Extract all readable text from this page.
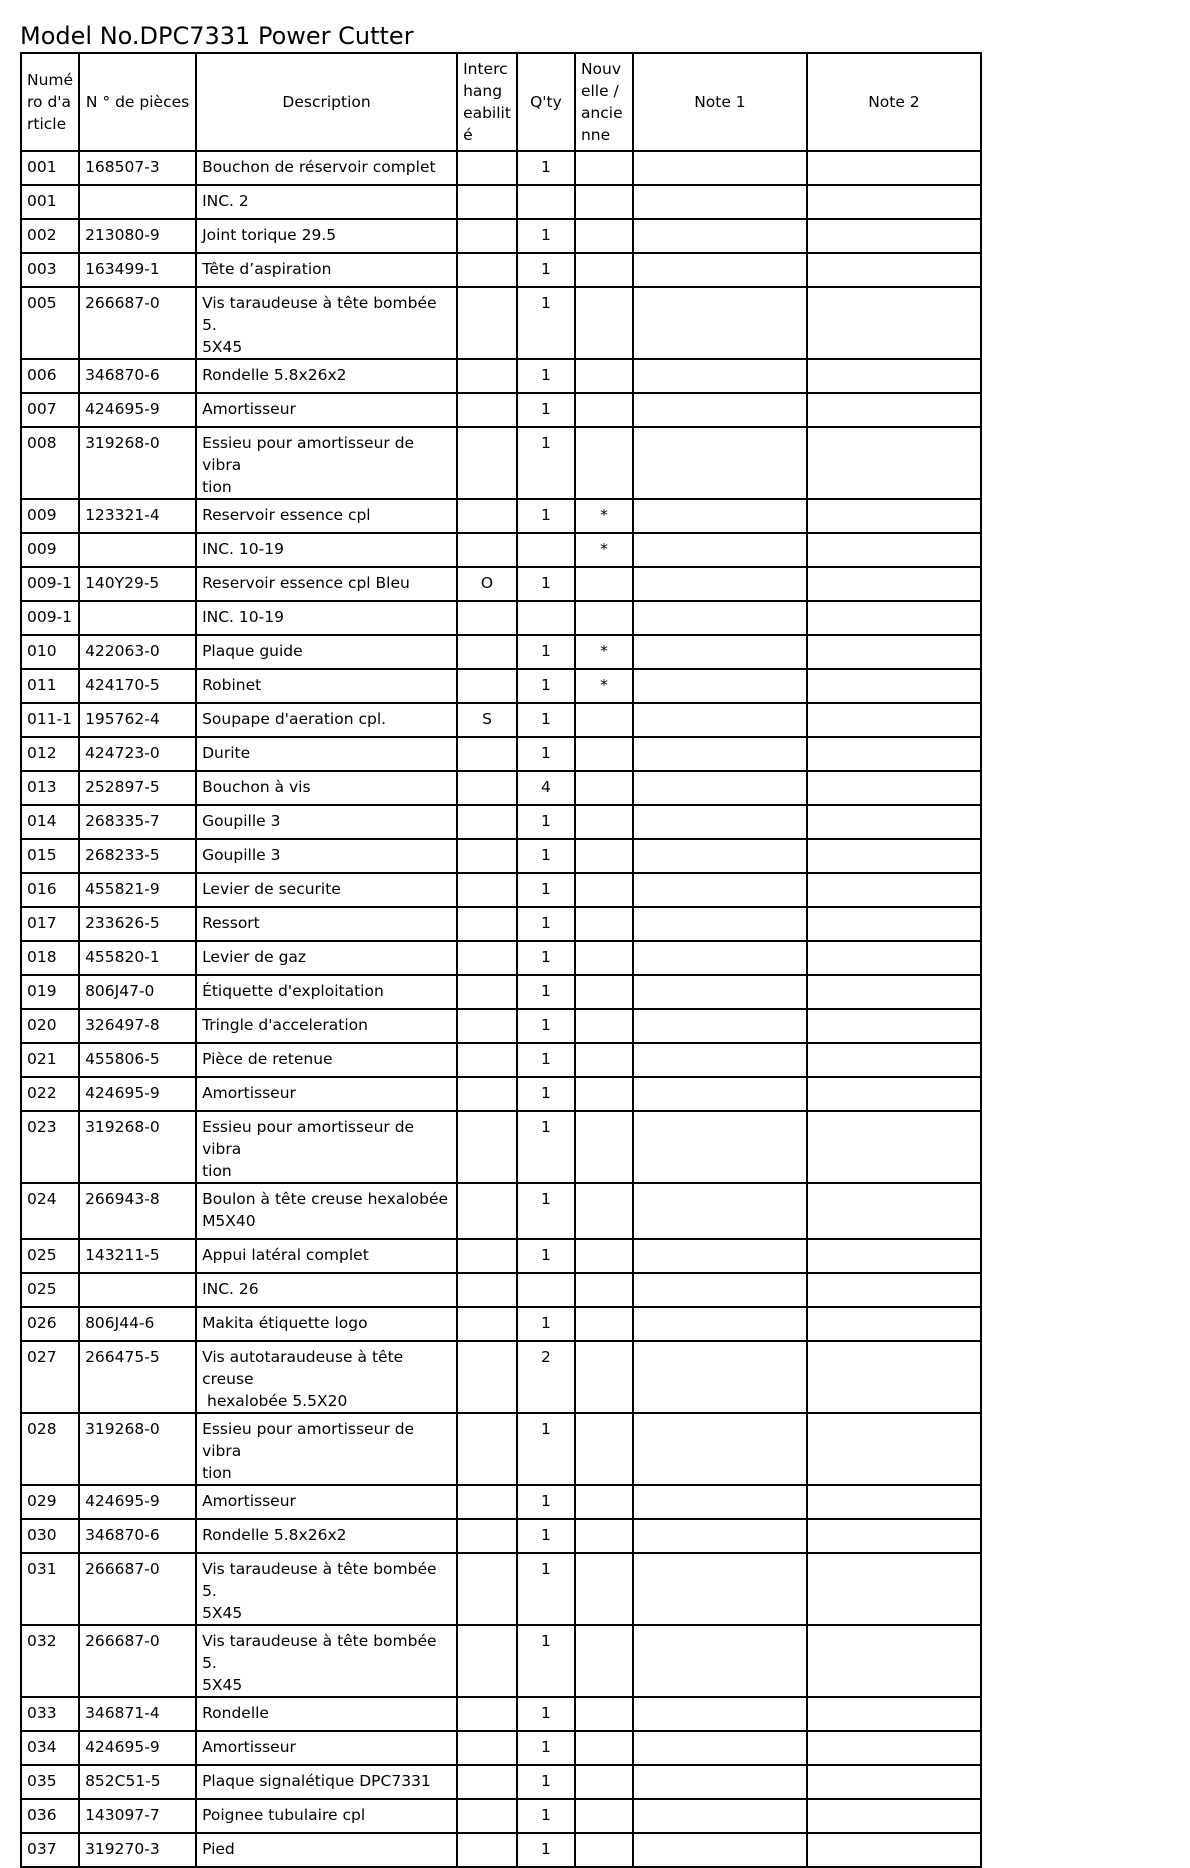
Model No.DPC7331 Power Cutter
Numé
ro d'a
rticle	N ° de pièces	Description	Interc
hang
eabilit
é	Q'ty	Nouv
elle /
ancie
nne	Note 1	Note 2
001	168507-3	Bouchon de réservoir complet		1			
001		INC. 2					
002	213080-9	Joint torique 29.5		1			
003	163499-1	Tête d’aspiration		1			
005	266687-0	Vis taraudeuse à tête bombée 5.
5X45		1			
006	346870-6	Rondelle 5.8x26x2		1			
007	424695-9	Amortisseur		1			
008	319268-0	Essieu pour amortisseur de vibra
tion		1			
009	123321-4	Reservoir essence cpl		1	*		
009		INC. 10-19			*		
009-1	140Y29-5	Reservoir essence cpl Bleu	O	1			
009-1		INC. 10-19					
010	422063-0	Plaque guide		1	*		
011	424170-5	Robinet		1	*		
011-1	195762-4	Soupape d'aeration cpl.	S	1			
012	424723-0	Durite		1			
013	252897-5	Bouchon à vis		4			
014	268335-7	Goupille 3		1			
015	268233-5	Goupille 3		1			
016	455821-9	Levier de securite		1			
017	233626-5	Ressort		1			
018	455820-1	Levier de gaz		1			
019	806J47-0	Étiquette d'exploitation		1			
020	326497-8	Tringle d'acceleration		1			
021	455806-5	Pièce de retenue		1			
022	424695-9	Amortisseur		1			
023	319268-0	Essieu pour amortisseur de vibra
tion		1			
024	266943-8	Boulon à tête creuse hexalobée
M5X40		1			
025	143211-5	Appui latéral complet		1			
025		INC. 26					
026	806J44-6	Makita étiquette logo		1			
027	266475-5	Vis autotaraudeuse à tête creuse
hexalobée 5.5X20		2			
028	319268-0	Essieu pour amortisseur de vibra
tion		1			
029	424695-9	Amortisseur		1			
030	346870-6	Rondelle 5.8x26x2		1			
031	266687-0	Vis taraudeuse à tête bombée 5.
5X45		1			
032	266687-0	Vis taraudeuse à tête bombée 5.
5X45		1			
033	346871-4	Rondelle		1			
034	424695-9	Amortisseur		1			
035	852C51-5	Plaque signalétique DPC7331		1			
036	143097-7	Poignee tubulaire cpl		1			
037	319270-3	Pied		1			
